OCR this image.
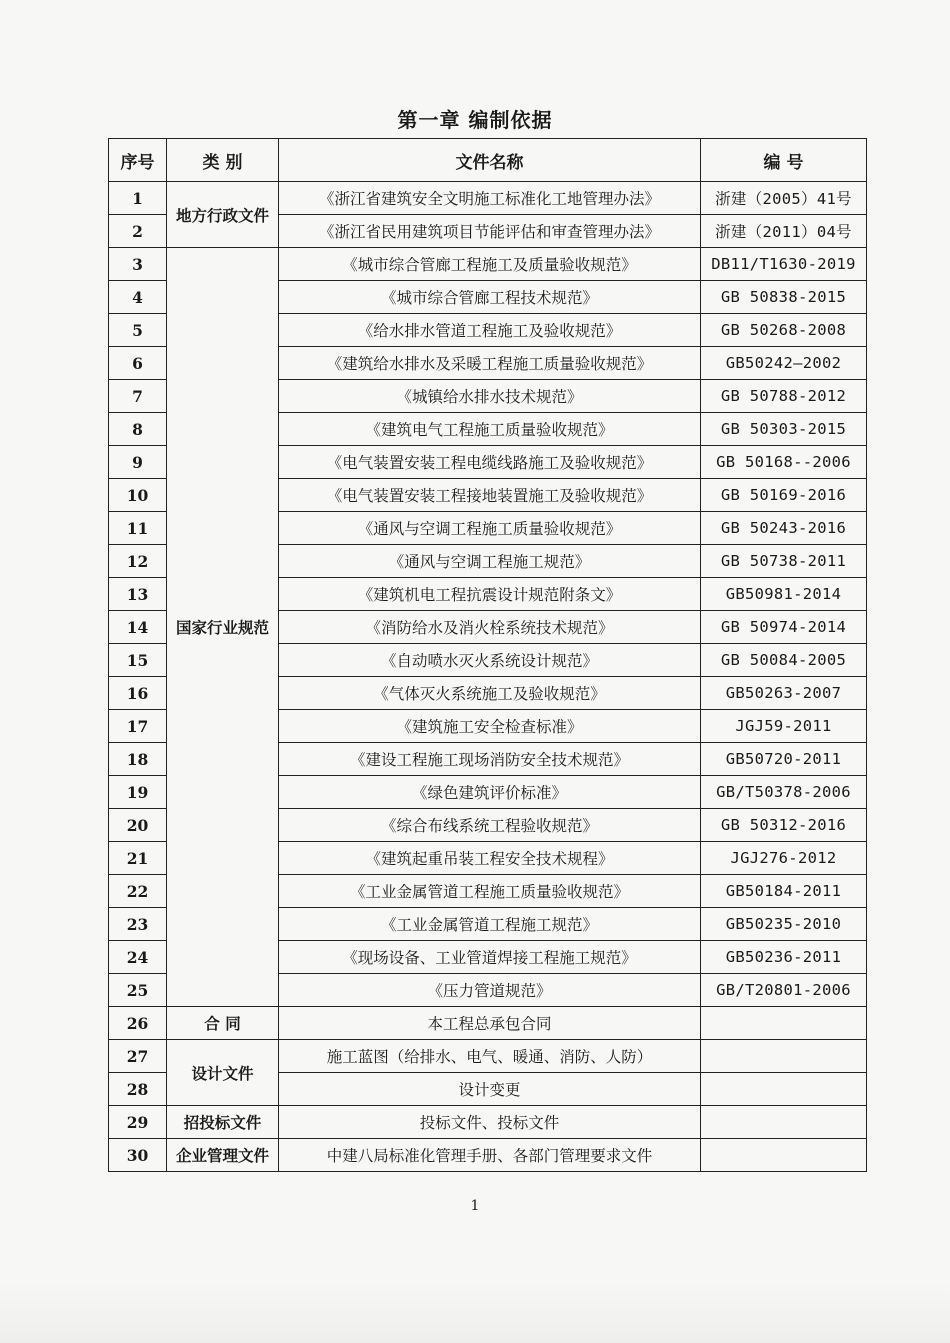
第一章 编制依据
序号	类 别	文件名称	编 号
1	地方行政文件	《浙江省建筑安全文明施工标准化工地管理办法》	浙建（2005）41号
2		《浙江省民用建筑项目节能评估和审查管理办法》	浙建（2011）04号
3	国家行业规范	《城市综合管廊工程施工及质量验收规范》	DB11/T1630-2019
4		《城市综合管廊工程技术规范》	GB 50838-2015
5		《给水排水管道工程施工及验收规范》	GB 50268-2008
6		《建筑给水排水及采暖工程施工质量验收规范》	GB50242—2002
7		《城镇给水排水技术规范》	GB 50788-2012
8		《建筑电气工程施工质量验收规范》	GB 50303-2015
9		《电气装置安装工程电缆线路施工及验收规范》	GB 50168--2006
10		《电气装置安装工程接地装置施工及验收规范》	GB 50169-2016
11		《通风与空调工程施工质量验收规范》	GB 50243-2016
12		《通风与空调工程施工规范》	GB 50738-2011
13		《建筑机电工程抗震设计规范附条文》	GB50981-2014
14		《消防给水及消火栓系统技术规范》	GB 50974-2014
15		《自动喷水灭火系统设计规范》	GB 50084-2005
16		《气体灭火系统施工及验收规范》	GB50263-2007
17		《建筑施工安全检查标准》	JGJ59-2011
18		《建设工程施工现场消防安全技术规范》	GB50720-2011
19		《绿色建筑评价标准》	GB/T50378-2006
20		《综合布线系统工程验收规范》	GB 50312-2016
21		《建筑起重吊装工程安全技术规程》	JGJ276-2012
22		《工业金属管道工程施工质量验收规范》	GB50184-2011
23		《工业金属管道工程施工规范》	GB50235-2010
24		《现场设备、工业管道焊接工程施工规范》	GB50236-2011
25		《压力管道规范》	GB/T20801-2006
26	合 同	本工程总承包合同	
27	设计文件	施工蓝图（给排水、电气、暖通、消防、人防）	
28		设计变更	
29	招投标文件	投标文件、投标文件	
30	企业管理文件	中建八局标准化管理手册、各部门管理要求文件	
1
